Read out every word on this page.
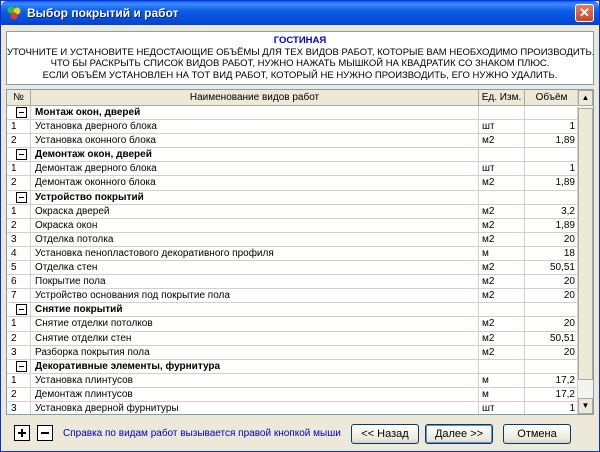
Выбор покрытий и работ	✕
ГОСТИНАЯ
УТОЧНИТЕ И УСТАНОВИТЕ НЕДОСТАЮЩИЕ ОБЪЁМЫ ДЛЯ ТЕХ ВИДОВ РАБОТ, КОТОРЫЕ ВАМ НЕОБХОДИМО ПРОИЗВОДИТЬ.
ЧТО БЫ РАСКРЫТЬ СПИСОК ВИДОВ РАБОТ, НУЖНО НАЖАТЬ МЫШКОЙ НА КВАДРАТИК СО ЗНАКОМ ПЛЮС.
ЕСЛИ ОБЪЁМ УСТАНОВЛЕН НА ТОТ ВИД РАБОТ, КОТОРЫЙ НЕ НУЖНО ПРОИЗВОДИТЬ, ЕГО НУЖНО УДАЛИТЬ.
№	Наименование видов работ	Ед. Изм.	Объём
Монтаж окон, дверей
1	Установка дверного блока	шт	1
2	Установка оконного блока	м2	1,89
Демонтаж окон, дверей
1	Демонтаж дверного блока	шт	1
2	Демонтаж оконного блока	м2	1,89
Устройство покрытий
1	Окраска дверей	м2	3,2
2	Окраска окон	м2	1,89
3	Отделка потолка	м2	20
4	Установка пенопластового декоративного профиля	м	18
5	Отделка стен	м2	50,51
6	Покрытие пола	м2	20
7	Устройство основания под покрытие пола	м2	20
Снятие покрытий
1	Снятие отделки потолков	м2	20
2	Снятие отделки стен	м2	50,51
3	Разборка покрытия пола	м2	20
Декоративные элементы, фурнитура
1	Установка плинтусов	м	17,2
2	Демонтаж плинтусов	м	17,2
3	Установка дверной фурнитуры	шт	1
▲
▼
Справка по видам работ вызывается правой кнопкой мыши	<< Назад	Далее >>	Отмена
